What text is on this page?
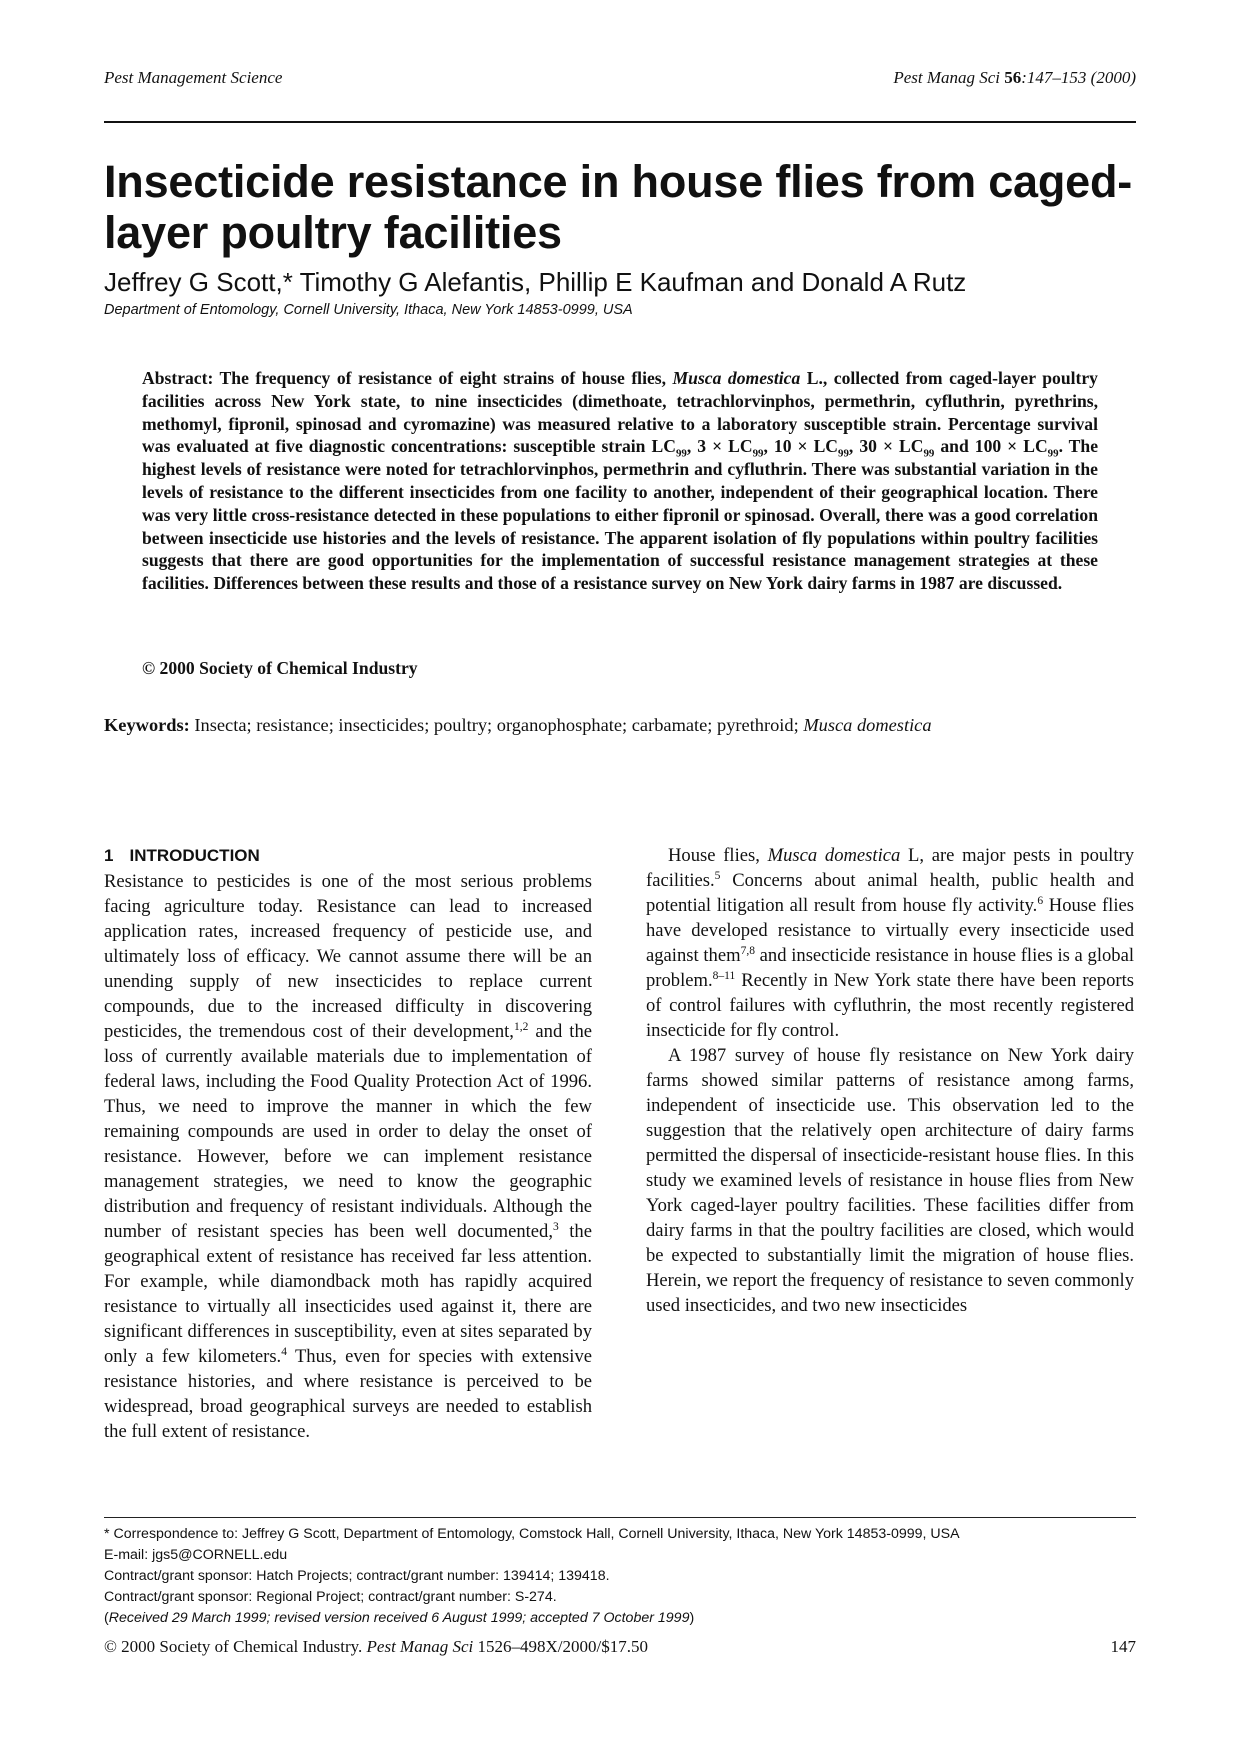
Pest Management Science	Pest Manag Sci 56:147–153 (2000)
Insecticide resistance in house flies from caged-layer poultry facilities
Jeffrey G Scott,* Timothy G Alefantis, Phillip E Kaufman and Donald A Rutz
Department of Entomology, Cornell University, Ithaca, New York 14853-0999, USA

Abstract: The frequency of resistance of eight strains of house flies, Musca domestica L., collected from caged-layer poultry facilities across New York state, to nine insecticides (dimethoate, tetrachlorvinphos, permethrin, cyfluthrin, pyrethrins, methomyl, fipronil, spinosad and cyromazine) was measured relative to a laboratory susceptible strain. Percentage survival was evaluated at five diagnostic concentrations: susceptible strain $LC_{99}$, $3 \times LC_{99}$, $10 \times LC_{99}$, $30 \times LC_{99}$ and $100 \times LC_{99}$. The highest levels of resistance were noted for tetrachlorvinphos, permethrin and cyfluthrin. There was substantial variation in the levels of resistance to the different insecticides from one facility to another, independent of their geographical location. There was very little cross-resistance detected in these populations to either fipronil or spinosad. Overall, there was a good correlation between insecticide use histories and the levels of resistance. The apparent isolation of fly populations within poultry facilities suggests that there are good opportunities for the implementation of successful resistance management strategies at these facilities. Differences between these results and those of a resistance survey on New York dairy farms in 1987 are discussed.

© 2000 Society of Chemical Industry
Keywords: Insecta; resistance; insecticides; poultry; organophosphate; carbamate; pyrethroid; Musca domestica
1 INTRODUCTION

Resistance to pesticides is one of the most serious problems facing agriculture today. Resistance can lead to increased application rates, increased frequency of pesticide use, and ultimately loss of efficacy. We cannot assume there will be an unending supply of new insecticides to replace current compounds, due to the increased difficulty in discovering pesticides, the tremendous cost of their development,$^{1,2}$ and the loss of currently available materials due to implementation of federal laws, including the Food Quality Protection Act of 1996. Thus, we need to improve the manner in which the few remaining compounds are used in order to delay the onset of resistance. However, before we can implement resistance management strategies, we need to know the geographic distribution and frequency of resistant individuals. Although the number of resistant species has been well documented,$^3$ the geographical extent of resistance has received far less attention. For example, while diamondback moth has rapidly acquired resistance to virtually all insecticides used against it, there are significant differences in susceptibility, even at sites separated by only a few kilometers.$^4$ Thus, even for species with extensive resistance histories, and where resistance is perceived to be widespread, broad geographical surveys are needed to establish the full extent of resistance.

House flies, Musca domestica L, are major pests in poultry facilities.$^5$ Concerns about animal health, public health and potential litigation all result from house fly activity.$^6$ House flies have developed resistance to virtually every insecticide used against them$^{7,8}$ and insecticide resistance in house flies is a global problem.$^{8-11}$ Recently in New York state there have been reports of control failures with cyfluthrin, the most recently registered insecticide for fly control.

A 1987 survey of house fly resistance on New York dairy farms showed similar patterns of resistance among farms, independent of insecticide use. This observation led to the suggestion that the relatively open architecture of dairy farms permitted the dispersal of insecticide-resistant house flies. In this study we examined levels of resistance in house flies from New York caged-layer poultry facilities. These facilities differ from dairy farms in that the poultry facilities are closed, which would be expected to substantially limit the migration of house flies. Herein, we report the frequency of resistance to seven commonly used insecticides, and two new insecticides

* Correspondence to: Jeffrey G Scott, Department of Entomology, Comstock Hall, Cornell University, Ithaca, New York 14853-0999, USA
E-mail: jgs5@CORNELL.edu
Contract/grant sponsor: Hatch Projects; contract/grant number: 139414; 139418.
Contract/grant sponsor: Regional Project; contract/grant number: S-274.
(Received 29 March 1999; revised version received 6 August 1999; accepted 7 October 1999)
© 2000 Society of Chemical Industry. Pest Manag Sci 1526–498X/2000/$17.50	147
